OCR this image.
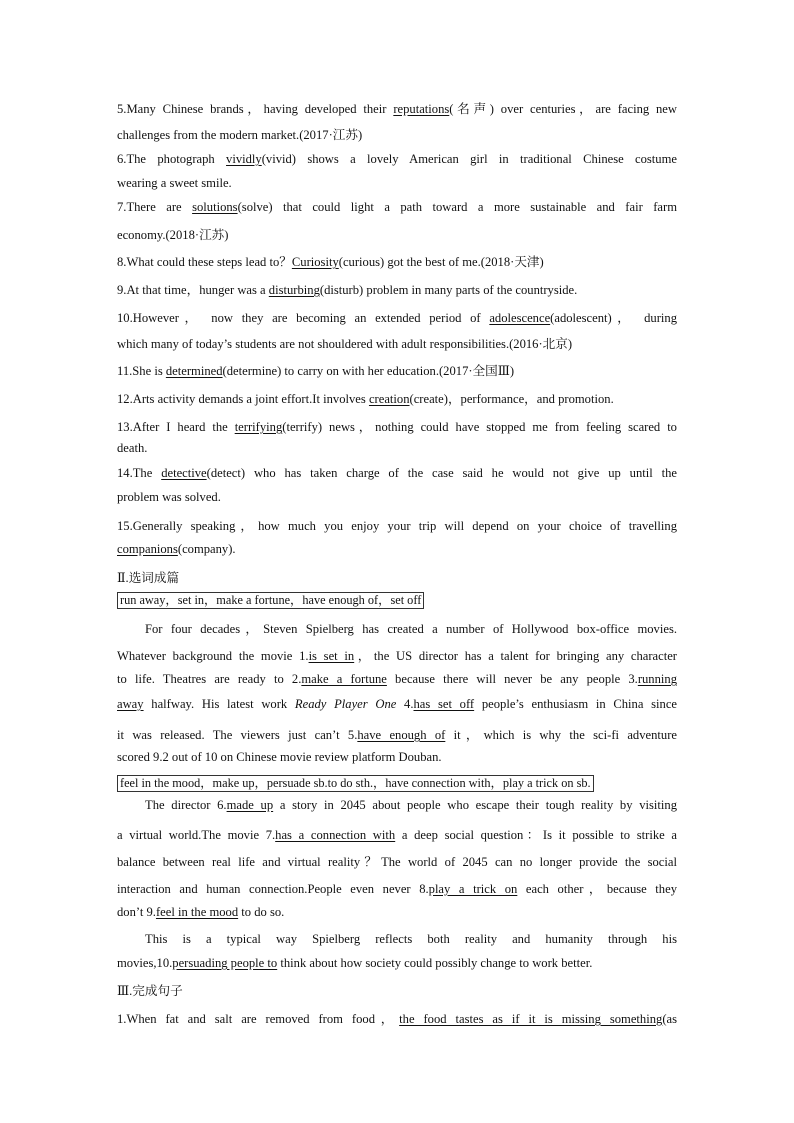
5.Many Chinese brands，having developed their reputations(名声) over centuries，are facing new
challenges from the modern market.(2017·江苏)
6.The photograph vividly(vivid) shows a lovely American girl in traditional Chinese costume
wearing a sweet smile.
7.There are solutions(solve) that could light a path toward a more sustainable and fair farm
economy.(2018·江苏)
8.What could these steps lead to？Curiosity(curious) got the best of me.(2018·天津)
9.At that time，hunger was a disturbing(disturb) problem in many parts of the countryside.
10.However， now they are becoming an extended period of adolescence(adolescent)， during
which many of today’s students are not shouldered with adult responsibilities.(2016·北京)
11.She is determined(determine) to carry on with her education.(2017·全国Ⅲ)
12.Arts activity demands a joint effort.It involves creation(create)，performance，and promotion.
13.After I heard the terrifying(terrify) news，nothing could have stopped me from feeling scared to
death.
14.The detective(detect) who has taken charge of the case said he would not give up until the
problem was solved.
15.Generally speaking，how much you enjoy your trip will depend on your choice of travelling
companions(company).
Ⅱ.选词成篇
run away，set in，make a fortune，have enough of，set off
For four decades，Steven Spielberg has created a number of Hollywood box-office movies.
Whatever background the movie 1.is set in，the US director has a talent for bringing any character
to life. Theatres are ready to 2.make a fortune because there will never be any people 3.running
away halfway. His latest work Ready Player One 4.has set off people’s enthusiasm in China since
it was released. The viewers just can’t 5.have enough of it，which is why the sci-fi adventure
scored 9.2 out of 10 on Chinese movie review platform Douban.
feel in the mood，make up，persuade sb.to do sth.，have connection with，play a trick on sb.
The director 6.made up a story in 2045 about people who escape their tough reality by visiting
a virtual world.The movie 7.has a connection with a deep social question：Is it possible to strike a
balance between real life and virtual reality？The world of 2045 can no longer provide the social
interaction and human connection.People even never 8.play a trick on each other，because they
don’t 9.feel in the mood to do so.
This is a typical way Spielberg reflects both reality and humanity through his
movies,10.persuading people to think about how society could possibly change to work better.
Ⅲ.完成句子
1.When fat and salt are removed from food，the food tastes as if it is missing something(as
